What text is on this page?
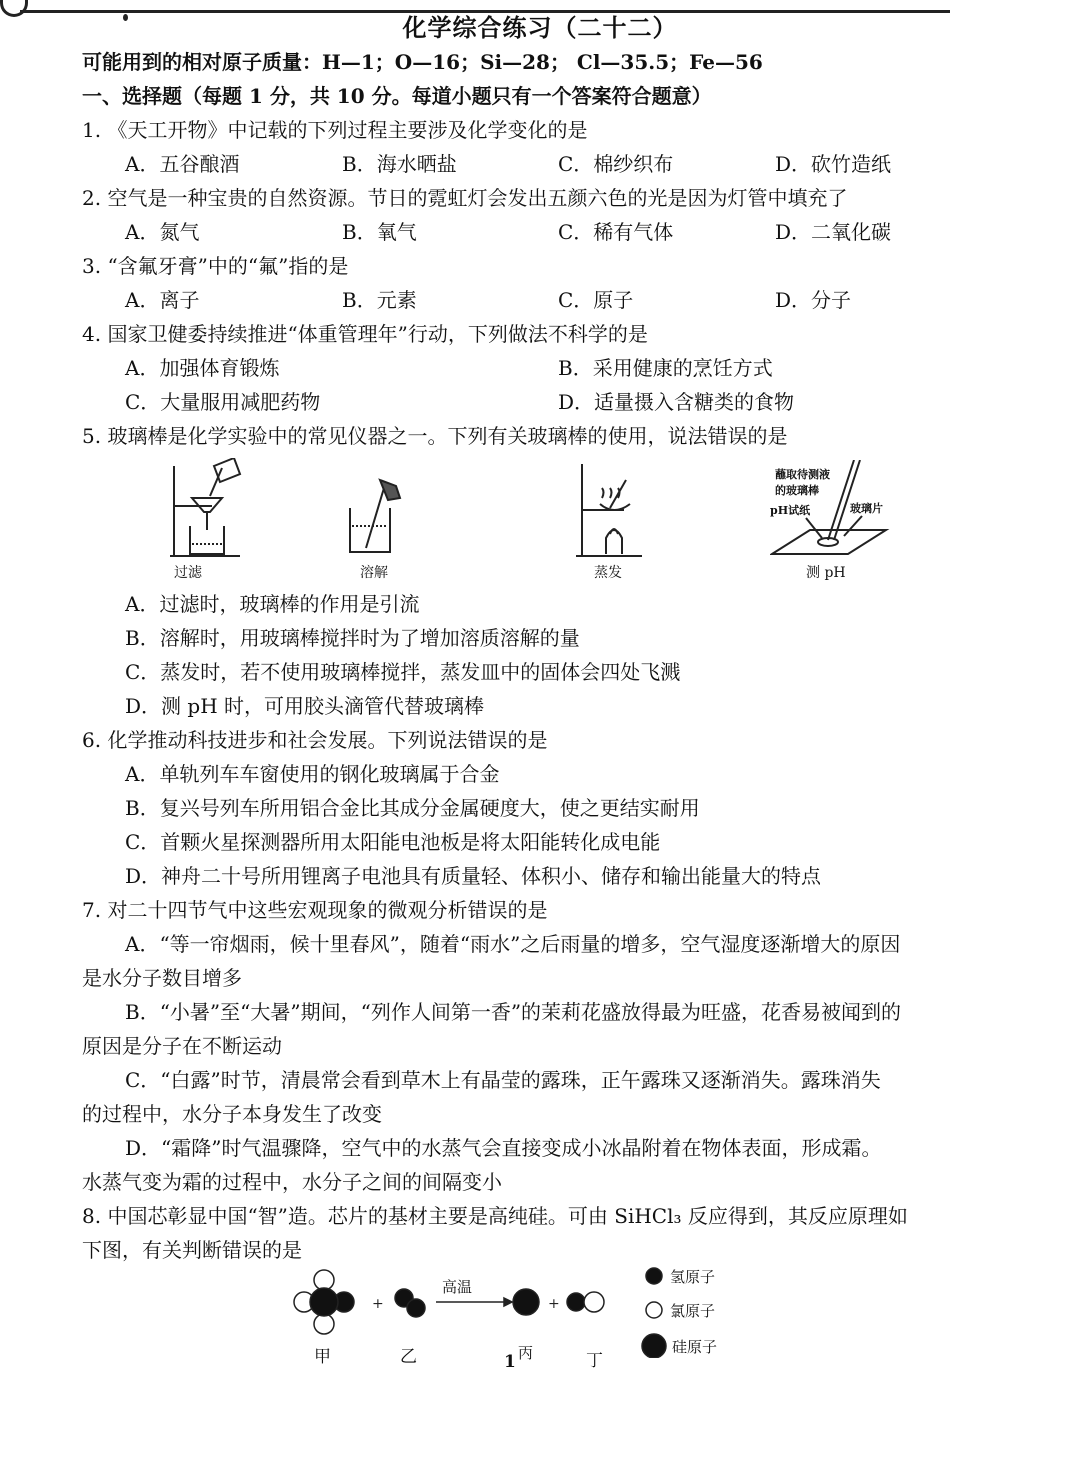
化学综合练习（二十二）
可能用到的相对原子质量：H—1；O—16；Si—28； Cl—35.5；Fe—56
一、选择题（每题 1 分，共 10 分。每道小题只有一个答案符合题意）
1. 《天工开物》中记载的下列过程主要涉及化学变化的是
A．五谷酿酒	B．海水晒盐	C．棉纱织布	D．砍竹造纸
2. 空气是一种宝贵的自然资源。节日的霓虹灯会发出五颜六色的光是因为灯管中填充了
A．氮气	B．氧气	C．稀有气体	D．二氧化碳
3. “含氟牙膏”中的“氟”指的是
A．离子	B．元素	C．原子	D．分子
4. 国家卫健委持续推进“体重管理年”行动，下列做法不科学的是
A．加强体育锻炼	B．采用健康的烹饪方式
C．大量服用减肥药物	D．适量摄入含糖类的食物
5. 玻璃棒是化学实验中的常见仪器之一。下列有关玻璃棒的使用，说法错误的是
过滤	溶解	蒸发
蘸取待测液
的玻璃棒
pH试纸	玻璃片
测 pH
A．过滤时，玻璃棒的作用是引流
B．溶解时，用玻璃棒搅拌时为了增加溶质溶解的量
C．蒸发时，若不使用玻璃棒搅拌，蒸发皿中的固体会四处飞溅
D．测 pH 时，可用胶头滴管代替玻璃棒
6. 化学推动科技进步和社会发展。下列说法错误的是
A．单轨列车车窗使用的钢化玻璃属于合金
B．复兴号列车所用铝合金比其成分金属硬度大，使之更结实耐用
C．首颗火星探测器所用太阳能电池板是将太阳能转化成电能
D．神舟二十号所用锂离子电池具有质量轻、体积小、储存和输出能量大的特点
7. 对二十四节气中这些宏观现象的微观分析错误的是
A．“等一帘烟雨，候十里春风”，随着“雨水”之后雨量的增多，空气湿度逐渐增大的原因
是水分子数目增多
B．“小暑”至“大暑”期间，“列作人间第一香”的茉莉花盛放得最为旺盛，花香易被闻到的
原因是分子在不断运动
C．“白露”时节，清晨常会看到草木上有晶莹的露珠，正午露珠又逐渐消失。露珠消失
的过程中，水分子本身发生了改变
D．“霜降”时气温骤降，空气中的水蒸气会直接变成小冰晶附着在物体表面，形成霜。
水蒸气变为霜的过程中，水分子之间的间隔变小
8. 中国芯彰显中国“智”造。芯片的基材主要是高纯硅。可由 SiHCl₃ 反应得到，其反应原理如
下图，有关判断错误的是
+	+
高温
甲	乙	丙	丁
氢原子
氯原子
硅原子
1
